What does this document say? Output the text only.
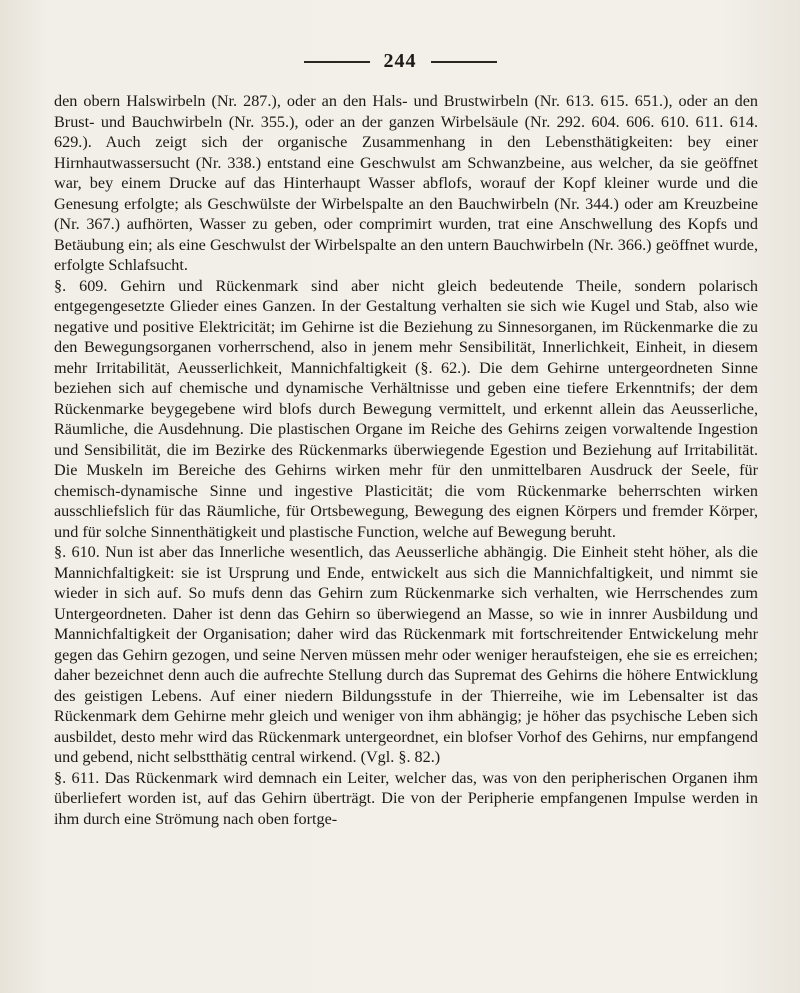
244

den obern Halswirbeln (Nr. 287.), oder an den Hals- und Brustwirbeln (Nr. 613. 615. 651.), oder an den Brust- und Bauchwirbeln (Nr. 355.), oder an der ganzen Wirbelsäule (Nr. 292. 604. 606. 610. 611. 614. 629.). Auch zeigt sich der organische Zusammenhang in den Lebensthätigkeiten: bey einer Hirnhautwassersucht (Nr. 338.) entstand eine Geschwulst am Schwanzbeine, aus welcher, da sie geöffnet war, bey einem Drucke auf das Hinterhaupt Wasser abflofs, worauf der Kopf kleiner wurde und die Genesung erfolgte; als Geschwülste der Wirbelspalte an den Bauchwirbeln (Nr. 344.) oder am Kreuzbeine (Nr. 367.) aufhörten, Wasser zu geben, oder comprimirt wurden, trat eine Anschwellung des Kopfs und Betäubung ein; als eine Geschwulst der Wirbelspalte an den untern Bauchwirbeln (Nr. 366.) geöffnet wurde, erfolgte Schlafsucht.

§. 609. Gehirn und Rückenmark sind aber nicht gleich bedeutende Theile, sondern polarisch entgegengesetzte Glieder eines Ganzen. In der Gestaltung verhalten sie sich wie Kugel und Stab, also wie negative und positive Elektricität; im Gehirne ist die Beziehung zu Sinnesorganen, im Rückenmarke die zu den Bewegungsorganen vorherrschend, also in jenem mehr Sensibilität, Innerlichkeit, Einheit, in diesem mehr Irritabilität, Aeusserlichkeit, Mannichfaltigkeit (§. 62.). Die dem Gehirne untergeordneten Sinne beziehen sich auf chemische und dynamische Verhältnisse und geben eine tiefere Erkenntnifs; der dem Rückenmarke beygegebene wird blofs durch Bewegung vermittelt, und erkennt allein das Aeusserliche, Räumliche, die Ausdehnung. Die plastischen Organe im Reiche des Gehirns zeigen vorwaltende Ingestion und Sensibilität, die im Bezirke des Rückenmarks überwiegende Egestion und Beziehung auf Irritabilität. Die Muskeln im Bereiche des Gehirns wirken mehr für den unmittelbaren Ausdruck der Seele, für chemisch-dynamische Sinne und ingestive Plasticität; die vom Rückenmarke beherrschten wirken ausschliefslich für das Räumliche, für Ortsbewegung, Bewegung des eignen Körpers und fremder Körper, und für solche Sinnenthätigkeit und plastische Function, welche auf Bewegung beruht.

§. 610. Nun ist aber das Innerliche wesentlich, das Aeusserliche abhängig. Die Einheit steht höher, als die Mannichfaltigkeit: sie ist Ursprung und Ende, entwickelt aus sich die Mannichfaltigkeit, und nimmt sie wieder in sich auf. So mufs denn das Gehirn zum Rückenmarke sich verhalten, wie Herrschendes zum Untergeordneten. Daher ist denn das Gehirn so überwiegend an Masse, so wie in innrer Ausbildung und Mannichfaltigkeit der Organisation; daher wird das Rückenmark mit fortschreitender Entwickelung mehr gegen das Gehirn gezogen, und seine Nerven müssen mehr oder weniger heraufsteigen, ehe sie es erreichen; daher bezeichnet denn auch die aufrechte Stellung durch das Supremat des Gehirns die höhere Entwicklung des geistigen Lebens. Auf einer niedern Bildungsstufe in der Thierreihe, wie im Lebensalter ist das Rückenmark dem Gehirne mehr gleich und weniger von ihm abhängig; je höher das psychische Leben sich ausbildet, desto mehr wird das Rückenmark untergeordnet, ein blofser Vorhof des Gehirns, nur empfangend und gebend, nicht selbstthätig central wirkend. (Vgl. §. 82.)

§. 611. Das Rückenmark wird demnach ein Leiter, welcher das, was von den peripherischen Organen ihm überliefert worden ist, auf das Gehirn überträgt. Die von der Peripherie empfangenen Impulse werden in ihm durch eine Strömung nach oben fortge-
